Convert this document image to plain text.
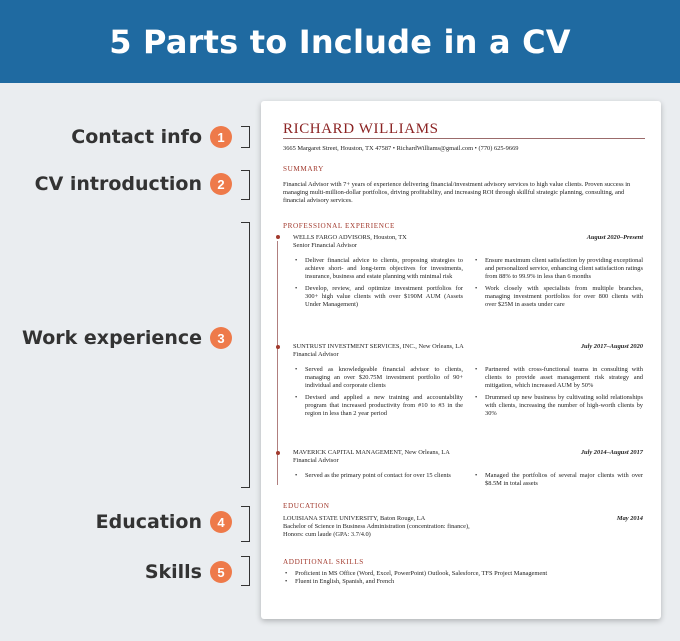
5 Parts to Include in a CV
Contact info	1
CV introduction	2
Work experience	3
Education	4
Skills	5
RICHARD WILLIAMS
3665 Margaret Street, Houston, TX 47587 • RichardWilliams@gmail.com • (770) 625-9669
SUMMARY
Financial Advisor with 7+ years of experience delivering financial/investment advisory services to high value clients. Proven success in managing multi-million-dollar portfolios, driving profitability, and increasing ROI through skillful strategic planning, consulting, and financial advisory services.
PROFESSIONAL EXPERIENCE
WELLS FARGO ADVISORS, Houston, TX	August 2020–Present
Senior Financial Advisor
• Deliver financial advice to clients, proposing strategies to achieve short- and long-term objectives for investments, insurance, business and estate planning with minimal risk
• Develop, review, and optimize investment portfolios for 300+ high value clients with over $190M AUM (Assets Under Management)
• Ensure maximum client satisfaction by providing exceptional and personalized service, enhancing client satisfaction ratings from 88% to 99.9% in less than 6 months
• Work closely with specialists from multiple branches, managing investment portfolios for over 800 clients with over $25M in assets under care
SUNTRUST INVESTMENT SERVICES, INC., New Orleans, LA	July 2017–August 2020
Financial Advisor
• Served as knowledgeable financial advisor to clients, managing an over $20.75M investment portfolio of 90+ individual and corporate clients
• Devised and applied a new training and accountability program that increased productivity from #10 to #3 in the region in less than 2 year period
• Partnered with cross-functional teams in consulting with clients to provide asset management risk strategy and mitigation, which increased AUM by 50%
• Drummed up new business by cultivating solid relationships with clients, increasing the number of high-worth clients by 30%
MAVERICK CAPITAL MANAGEMENT, New Orleans, LA	July 2014–August 2017
Financial Advisor
• Served as the primary point of contact for over 15 clients	• Managed the portfolios of several major clients with over $8.5M in total assets
EDUCATION
LOUISIANA STATE UNIVERSITY, Baton Rouge, LA	May 2014
Bachelor of Science in Business Administration (concentration: finance),
Honors: cum laude (GPA: 3.7/4.0)
ADDITIONAL SKILLS
• Proficient in MS Office (Word, Excel, PowerPoint) Outlook, Salesforce, TFS Project Management
• Fluent in English, Spanish, and French
